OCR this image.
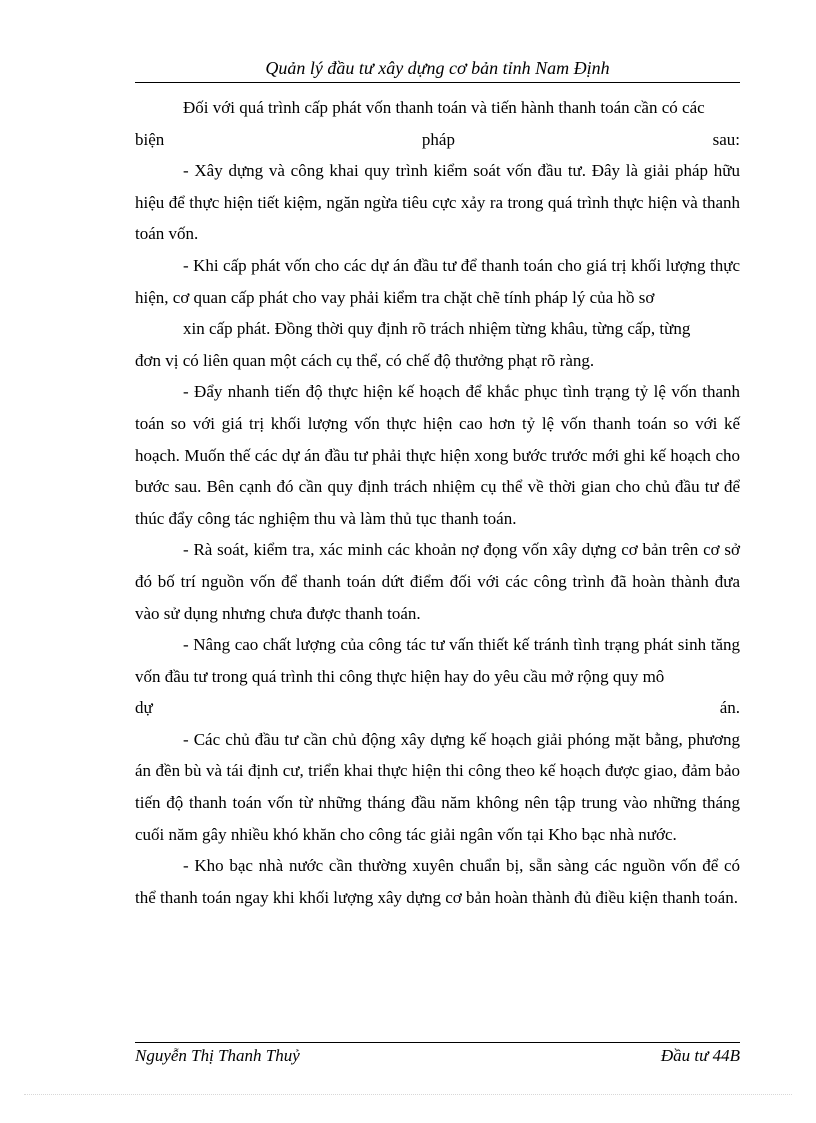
Quản lý đầu tư xây dựng cơ bản tỉnh Nam Định

Đối với quá trình cấp phát vốn thanh toán và tiến hành thanh toán cần có các

biện	pháp	sau:

- Xây dựng và công khai quy trình kiểm soát vốn đầu tư. Đây là giải pháp hữu hiệu để thực hiện tiết kiệm, ngăn ngừa tiêu cực xảy ra trong quá trình thực hiện và thanh toán vốn.

- Khi cấp phát vốn cho các dự án đầu tư để thanh toán cho giá trị khối lượng thực hiện, cơ quan cấp phát cho vay phải kiểm tra chặt chẽ tính pháp lý của hồ sơ

xin cấp phát. Đồng thời quy định rõ trách nhiệm từng khâu, từng cấp, từng

đơn vị có liên quan một cách cụ thể, có chế độ thưởng phạt rõ ràng.

- Đẩy nhanh tiến độ thực hiện kế hoạch để khắc phục tình trạng tỷ lệ vốn thanh toán so với giá trị khối lượng vốn thực hiện cao hơn tỷ lệ vốn thanh toán so với kế hoạch. Muốn thế các dự án đầu tư phải thực hiện xong bước trước mới ghi kế hoạch cho bước sau. Bên cạnh đó cần quy định trách nhiệm cụ thể về thời gian cho chủ đầu tư để thúc đẩy công tác nghiệm thu và làm thủ tục thanh toán.

- Rà soát, kiểm tra, xác minh các khoản nợ đọng vốn xây dựng cơ bản trên cơ sở đó bố trí nguồn vốn để thanh toán dứt điểm đối với các công trình đã hoàn thành đưa vào sử dụng nhưng chưa được thanh toán.

- Nâng cao chất lượng của công tác tư vấn thiết kế tránh tình trạng phát sinh tăng vốn đầu tư trong quá trình thi công thực hiện hay do yêu cầu mở rộng quy mô

dự	án.

- Các chủ đầu tư cần chủ động xây dựng kế hoạch giải phóng mặt bằng, phương án đền bù và tái định cư, triển khai thực hiện thi công theo kế hoạch được giao, đảm bảo tiến độ thanh toán vốn từ những tháng đầu năm không nên tập trung vào những tháng cuối năm gây nhiều khó khăn cho công tác giải ngân vốn tại Kho bạc nhà nước.

- Kho bạc nhà nước cần thường xuyên chuẩn bị, sẵn sàng các nguồn vốn để có thể thanh toán ngay khi khối lượng xây dựng cơ bản hoàn thành đủ điều kiện thanh toán.

Nguyễn Thị Thanh Thuỷ	Đầu tư 44B
